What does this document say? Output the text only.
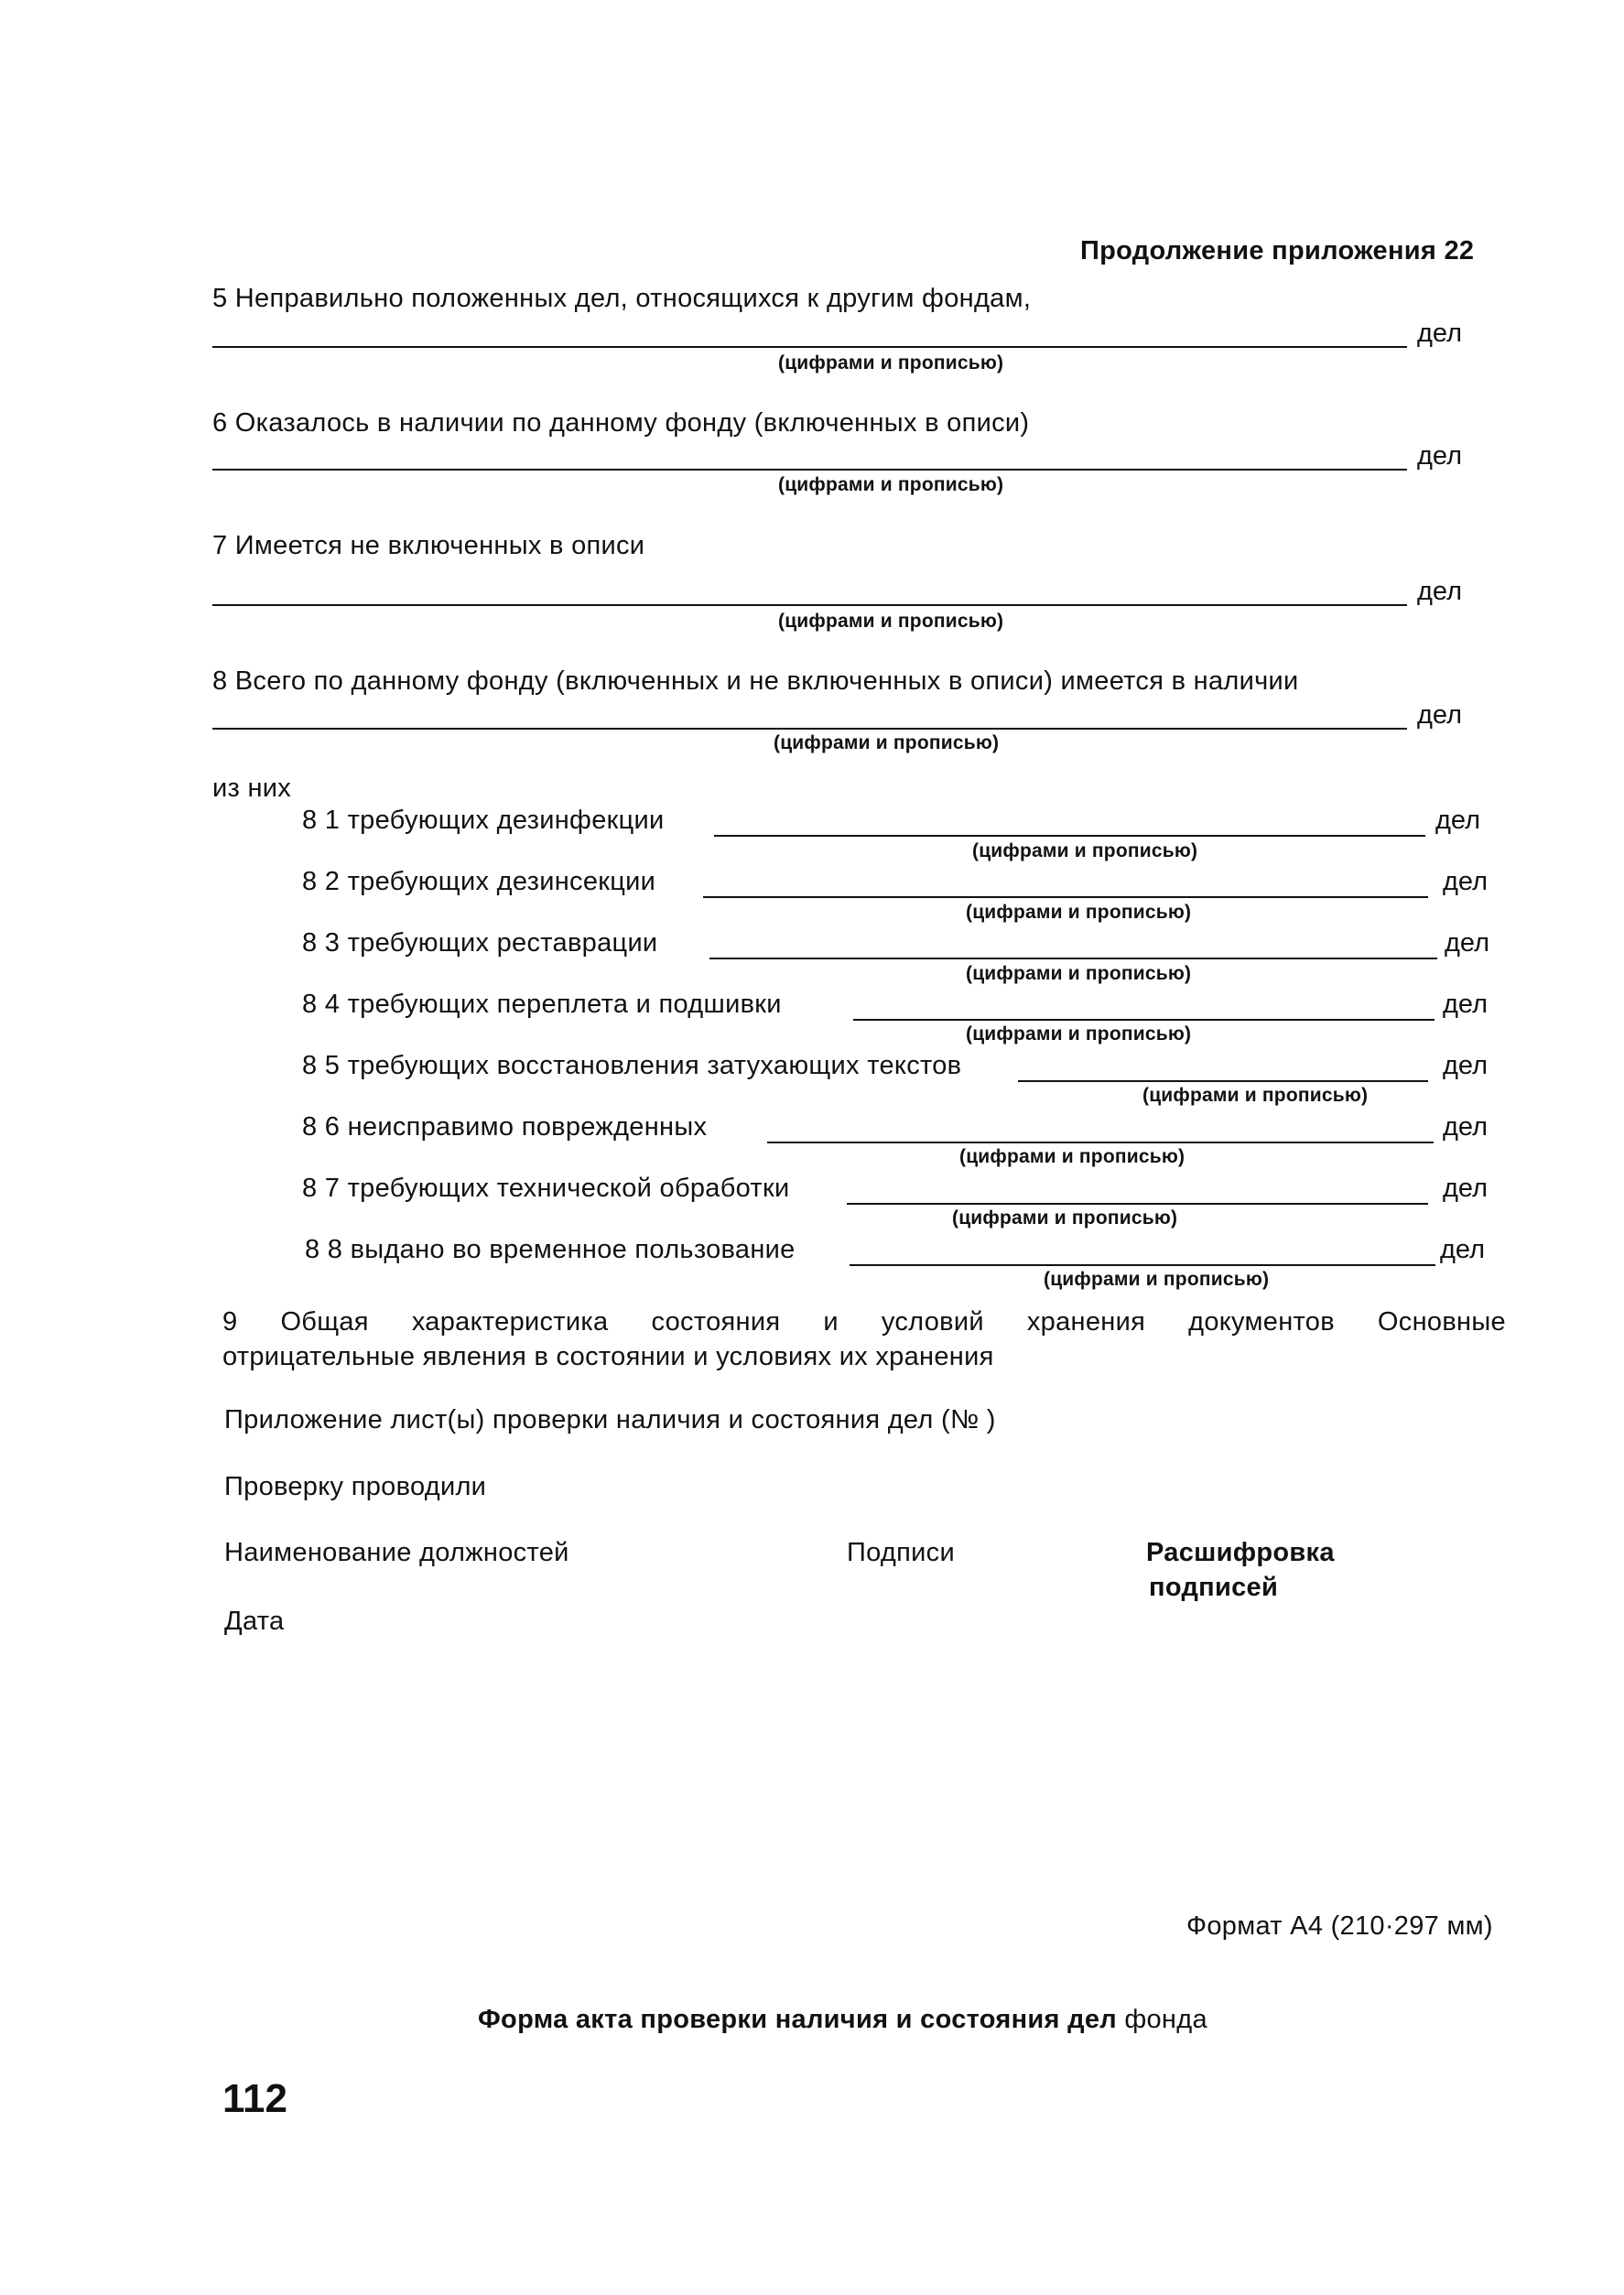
Продолжение приложения 22
5 Неправильно положенных дел, относящихся к другим фондам,
дел
(цифрами и прописью)
6 Оказалось в наличии по данному фонду (включенных в описи)
дел
(цифрами и прописью)
7 Имеется не включенных в описи
дел
(цифрами и прописью)
8 Всего по данному фонду (включенных и не включенных в описи) имеется в наличии
дел
(цифрами и прописью)
из них
8 1 требующих дезинфекции	дел
(цифрами и прописью)
8 2 требующих дезинсекции	дел
(цифрами и прописью)
8 3 требующих реставрации	дел
(цифрами и прописью)
8 4 требующих переплета и подшивки	дел
(цифрами и прописью)
8 5 требующих восстановления затухающих текстов	дел
(цифрами и прописью)
8 6 неисправимо поврежденных	дел
(цифрами и прописью)
8 7 требующих технической обработки	дел
(цифрами и прописью)
8 8 выдано во временное пользование	дел
(цифрами и прописью)
9 Общая характеристика состояния и условий хранения документов Основные
отрицательные явления в состоянии и условиях их хранения
Приложение лист(ы) проверки наличия и состояния дел (№ )
Проверку проводили
Наименование должностей	Подписи	Расшифровка
подписей
Дата
Формат А4 (210·297 мм)
Форма акта проверки наличия и состояния дел фонда
112
